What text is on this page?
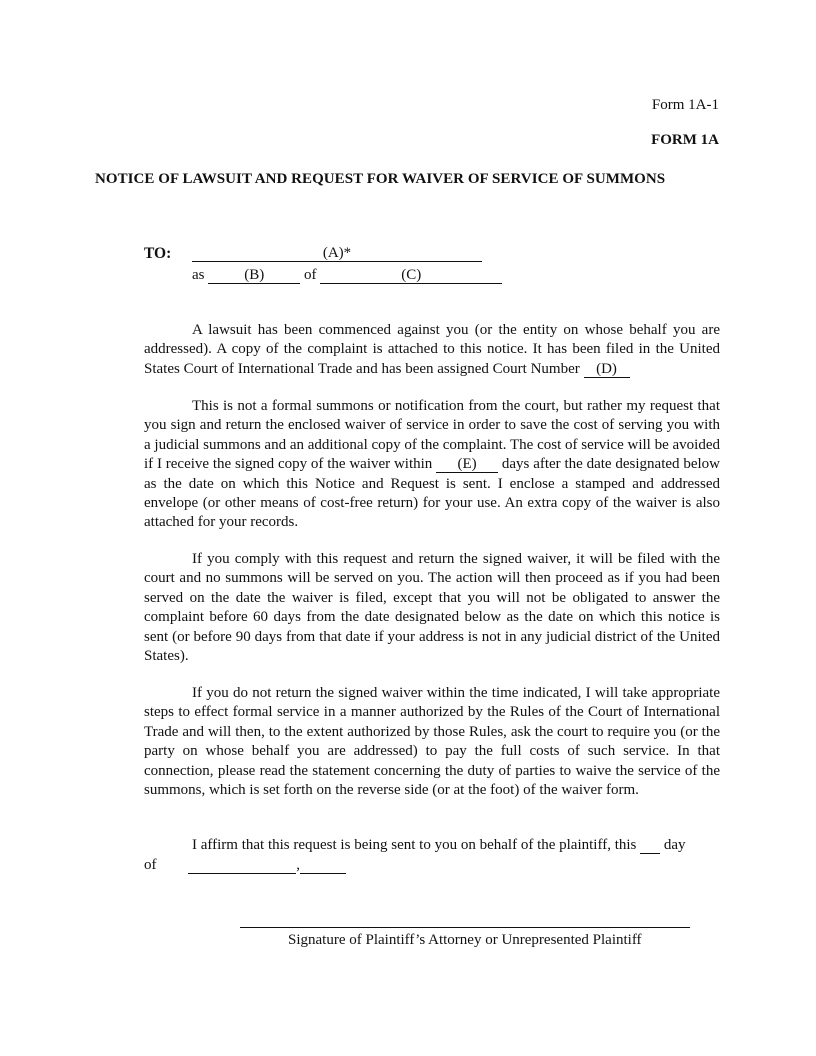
Form 1A-1
FORM 1A
NOTICE OF LAWSUIT AND REQUEST FOR WAIVER OF SERVICE OF SUMMONS
TO:	(A)*
as	(B)	of	(C)

A lawsuit has been commenced against you (or the entity on whose behalf you are addressed). A copy of the complaint is attached to this notice. It has been filed in the United States Court of International Trade and has been assigned Court Number (D)

This is not a formal summons or notification from the court, but rather my request that you sign and return the enclosed waiver of service in order to save the cost of serving you with a judicial summons and an additional copy of the complaint. The cost of service will be avoided if I receive the signed copy of the waiver within (E) days after the date designated below as the date on which this Notice and Request is sent. I enclose a stamped and addressed envelope (or other means of cost-free return) for your use. An extra copy of the waiver is also attached for your records.

If you comply with this request and return the signed waiver, it will be filed with the court and no summons will be served on you. The action will then proceed as if you had been served on the date the waiver is filed, except that you will not be obligated to answer the complaint before 60 days from the date designated below as the date on which this notice is sent (or before 90 days from that date if your address is not in any judicial district of the United States).

If you do not return the signed waiver within the time indicated, I will take appropriate steps to effect formal service in a manner authorized by the Rules of the Court of International Trade and will then, to the extent authorized by those Rules, ask the court to require you (or the party on whose behalf you are addressed) to pay the full costs of such service. In that connection, please read the statement concerning the duty of parties to waive the service of the summons, which is set forth on the reverse side (or at the foot) of the waiver form.

I affirm that this request is being sent to you on behalf of the plaintiff, this   day

of	,
Signature of Plaintiff’s Attorney or Unrepresented Plaintiff
